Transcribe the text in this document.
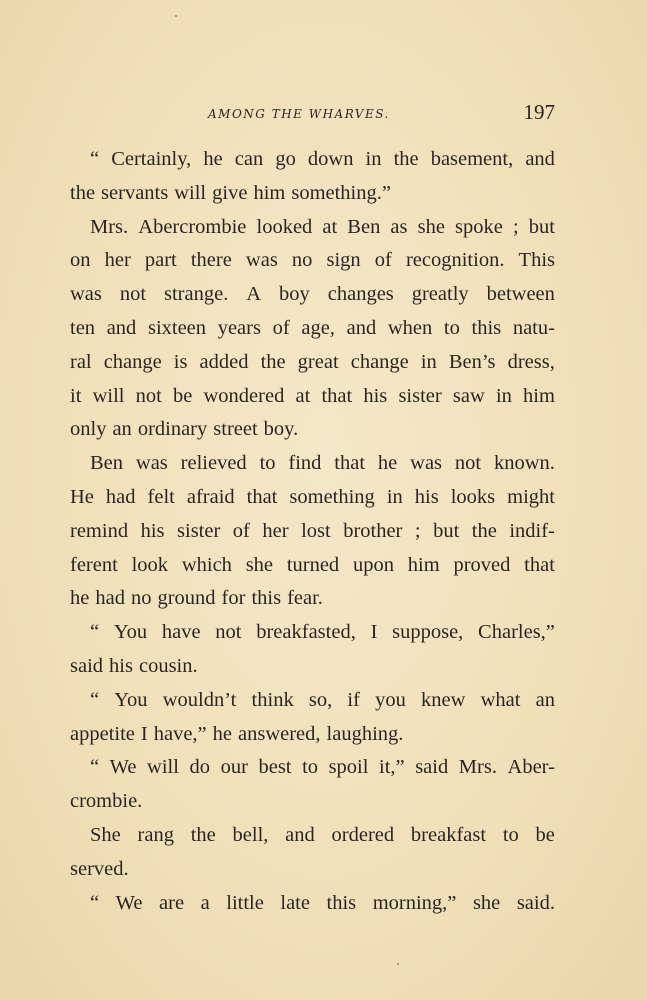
AMONG THE WHARVES.	197
“ Certainly, he can go down in the basement, and
the servants will give him something.”
Mrs. Abercrombie looked at Ben as she spoke ; but
on her part there was no sign of recognition. This
was not strange. A boy changes greatly between
ten and sixteen years of age, and when to this natu-
ral change is added the great change in Ben’s dress,
it will not be wondered at that his sister saw in him
only an ordinary street boy.
Ben was relieved to find that he was not known.
He had felt afraid that something in his looks might
remind his sister of her lost brother ; but the indif-
ferent look which she turned upon him proved that
he had no ground for this fear.
“ You have not breakfasted, I suppose, Charles,”
said his cousin.
“ You wouldn’t think so, if you knew what an
appetite I have,” he answered, laughing.
“ We will do our best to spoil it,” said Mrs. Aber-
crombie.
She rang the bell, and ordered breakfast to be
served.
“ We are a little late this morning,” she said.
